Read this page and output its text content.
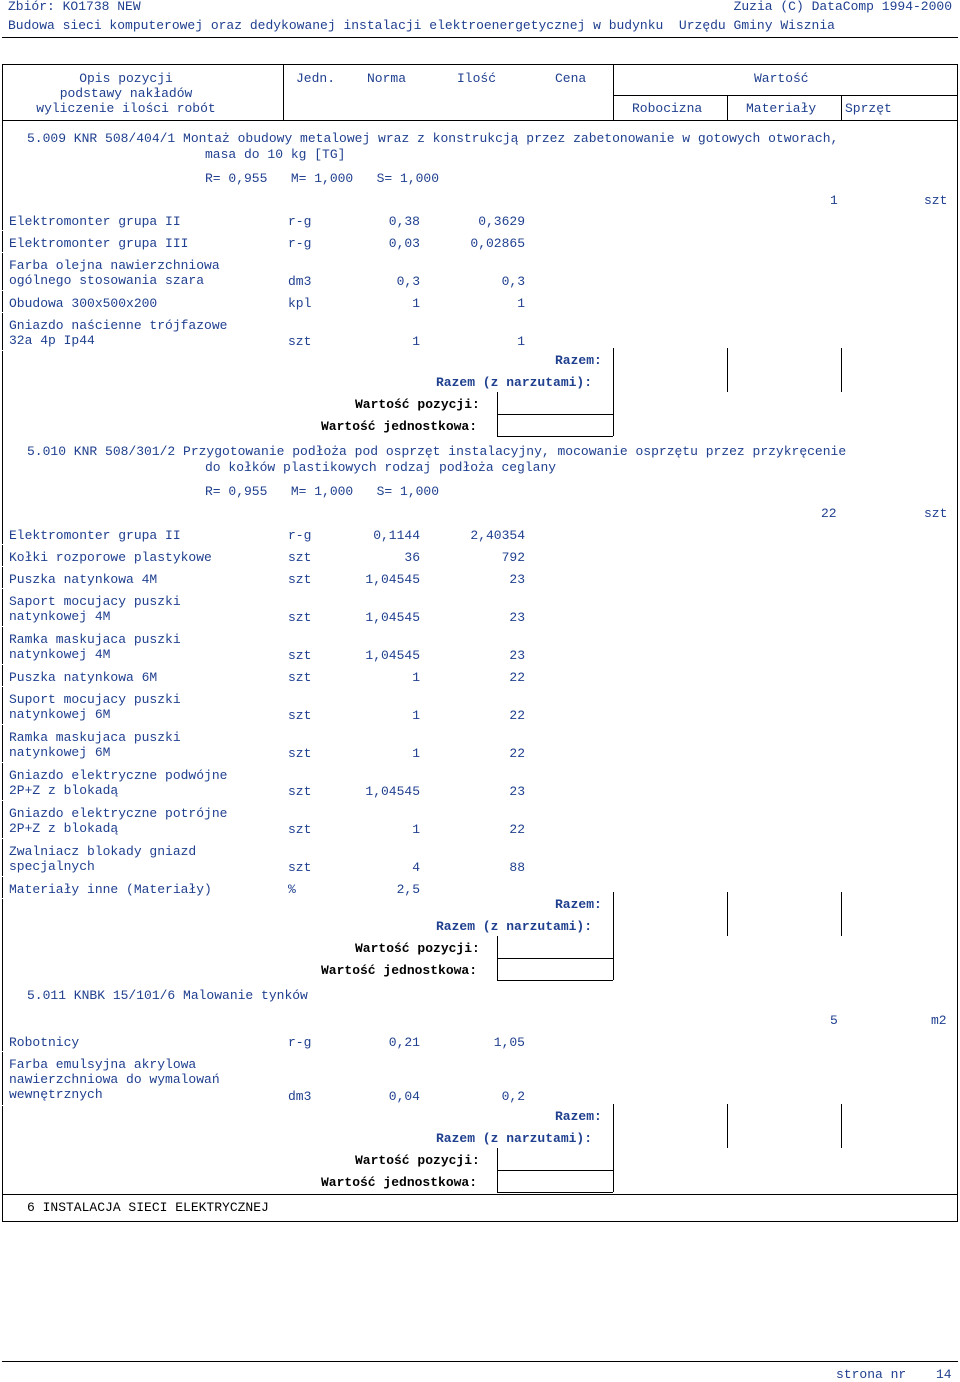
Zbiór: KO1738 NEW	Zuzia (C) DataComp 1994-2000
Budowa sieci komputerowej oraz dedykowanej instalacji elektroenergetycznej w budynku  Urzędu Gminy Wisznia
Opis pozycji
podstawy nakładów
wyliczenie ilości robót
Jedn. Norma	Ilość	Cena	Wartość
Robocizna	Materiały Sprzęt
5.009 KNR 508/404/1 Montaż obudowy metalowej wraz z konstrukcją przez zabetonowanie w gotowych otworach,
masa do 10 kg [TG]
R= 0,955   M= 1,000   S= 1,000
1	szt
Elektromonter grupa II	r-g	0,38	0,3629
Elektromonter grupa III	r-g	0,03	0,02865
Farba olejna nawierzchniowa
ogólnego stosowania szara	dm3	0,3	0,3
Obudowa 300x500x200	kpl	1	1
Gniazdo naścienne trójfazowe
32a 4p Ip44	szt	1	1
Razem:
Razem (z narzutami):
Wartość pozycji:
Wartość jednostkowa:
5.010 KNR 508/301/2 Przygotowanie podłoża pod osprzęt instalacyjny, mocowanie osprzętu przez przykręcenie
do kołków plastikowych rodzaj podłoża ceglany
R= 0,955   M= 1,000   S= 1,000
22	szt
Elektromonter grupa II	r-g	0,1144	2,40354
Kołki rozporowe plastykowe	szt	36	792
Puszka natynkowa 4M	szt	1,04545	23
Saport mocujacy puszki
natynkowej 4M	szt	1,04545	23
Ramka maskujaca puszki
natynkowej 4M	szt	1,04545	23
Puszka natynkowa 6M	szt	1	22
Suport mocujacy puszki
natynkowej 6M	szt	1	22
Ramka maskujaca puszki
natynkowej 6M	szt	1	22
Gniazdo elektryczne podwójne
2P+Z z blokadą	szt	1,04545	23
Gniazdo elektryczne potrójne
2P+Z z blokadą	szt	1	22
Zwalniacz blokady gniazd
specjalnych	szt	4	88
Materiały inne (Materiały)	%	2,5
Razem:
Razem (z narzutami):
Wartość pozycji:
Wartość jednostkowa:
5.011 KNBK 15/101/6 Malowanie tynków
5	m2
Robotnicy	r-g	0,21	1,05
Farba emulsyjna akrylowa
nawierzchniowa do wymalowań
wewnętrznych	dm3	0,04	0,2
Razem:
Razem (z narzutami):
Wartość pozycji:
Wartość jednostkowa:
6 INSTALACJA SIECI ELEKTRYCZNEJ
strona nr 14
